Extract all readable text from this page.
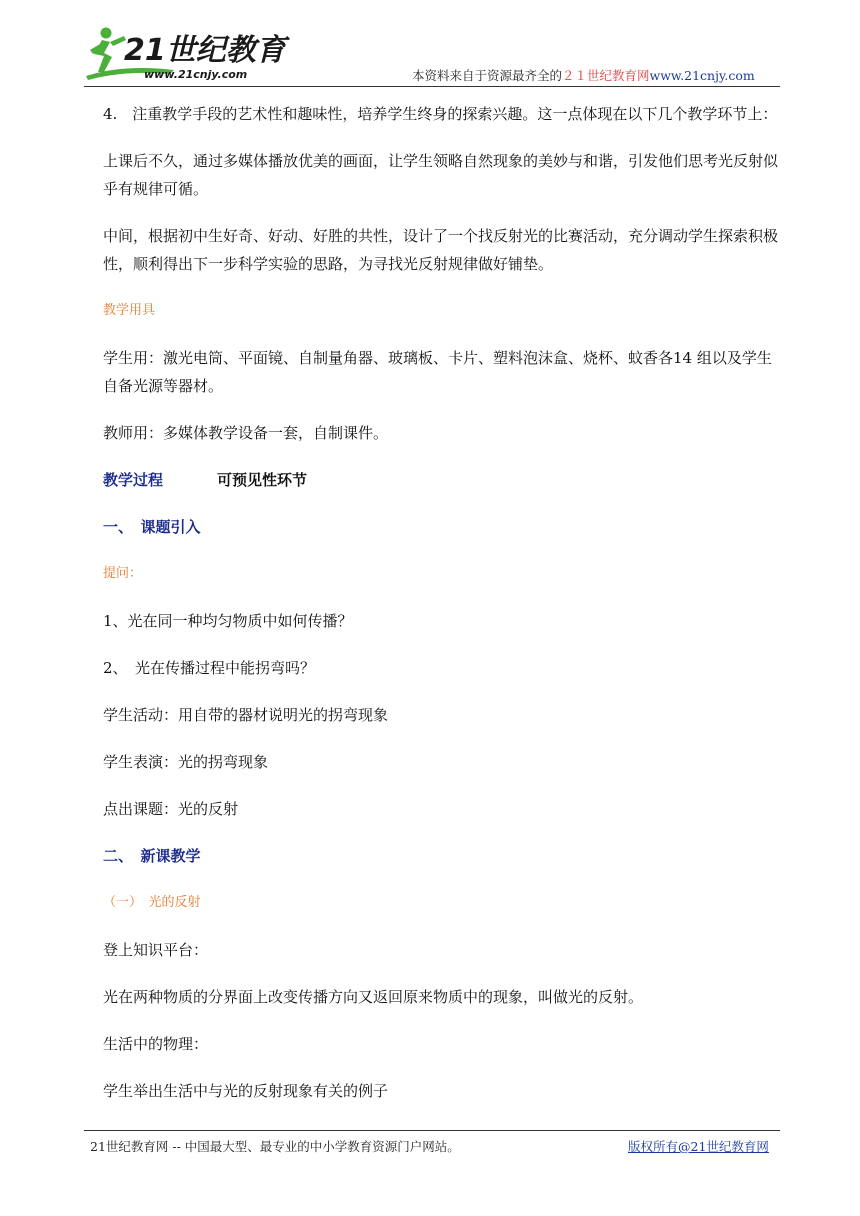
21世纪教育
www.21cnjy.com	本资料来自于资源最齐全的２１世纪教育网www.21cnjy.com

4.　注重教学手段的艺术性和趣味性，培养学生终身的探索兴趣。这一点体现在以下几个教学环节上：

上课后不久，通过多媒体播放优美的画面，让学生领略自然现象的美妙与和谐，引发他们思考光反射似乎有规律可循。

中间，根据初中生好奇、好动、好胜的共性，设计了一个找反射光的比赛活动，充分调动学生探索积极性，顺利得出下一步科学实验的思路，为寻找光反射规律做好铺垫。

教学用具

学生用：激光电筒、平面镜、自制量角器、玻璃板、卡片、塑料泡沫盒、烧杯、蚊香各14 组以及学生自备光源等器材。

教师用：多媒体教学设备一套，自制课件。

教学过程	可预见性环节

一、　课题引入

提问：

1、光在同一种均匀物质中如何传播？

2、　光在传播过程中能拐弯吗？

学生活动：用自带的器材说明光的拐弯现象

学生表演：光的拐弯现象

点出课题：光的反射

二、　新课教学

（一）　光的反射

登上知识平台：

光在两种物质的分界面上改变传播方向又返回原来物质中的现象，叫做光的反射。

生活中的物理：

学生举出生活中与光的反射现象有关的例子

21世纪教育网 -- 中国最大型、最专业的中小学教育资源门户网站。	版权所有@21世纪教育网
